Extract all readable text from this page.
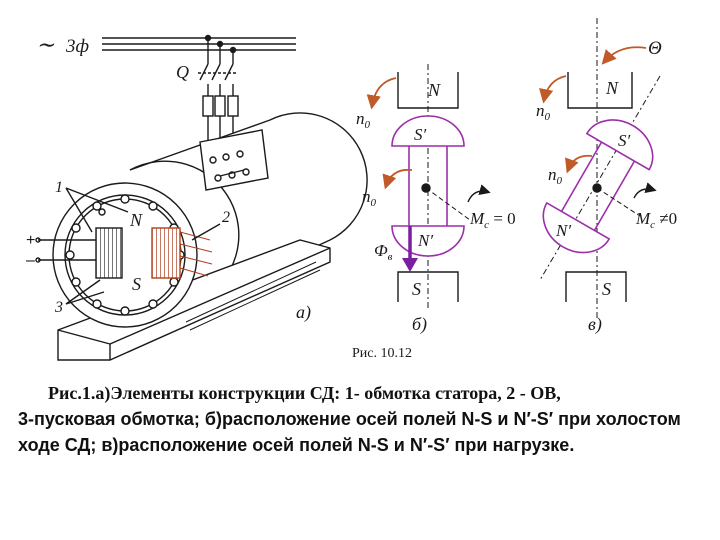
∼ 3ф
Q
N
S
+
–
1
2
3	а)
Рис. 10.12
N
S
S′
N′
$Ф_в$
$n_0$
$n_0$
$M_c = 0$
б)
N
S
Θ
S′
N′
$n_0$
$n_0$
$M_c \ne 0$
в)
Рис.1.а)Элементы конструкции СД: 1- обмотка статора, 2 - ОВ,
3-пусковая обмотка; б)расположение осей полей N-S и N′-S′ при холостом ходе СД; в)расположение осей полей N-S и N′-S′ при нагрузке.
